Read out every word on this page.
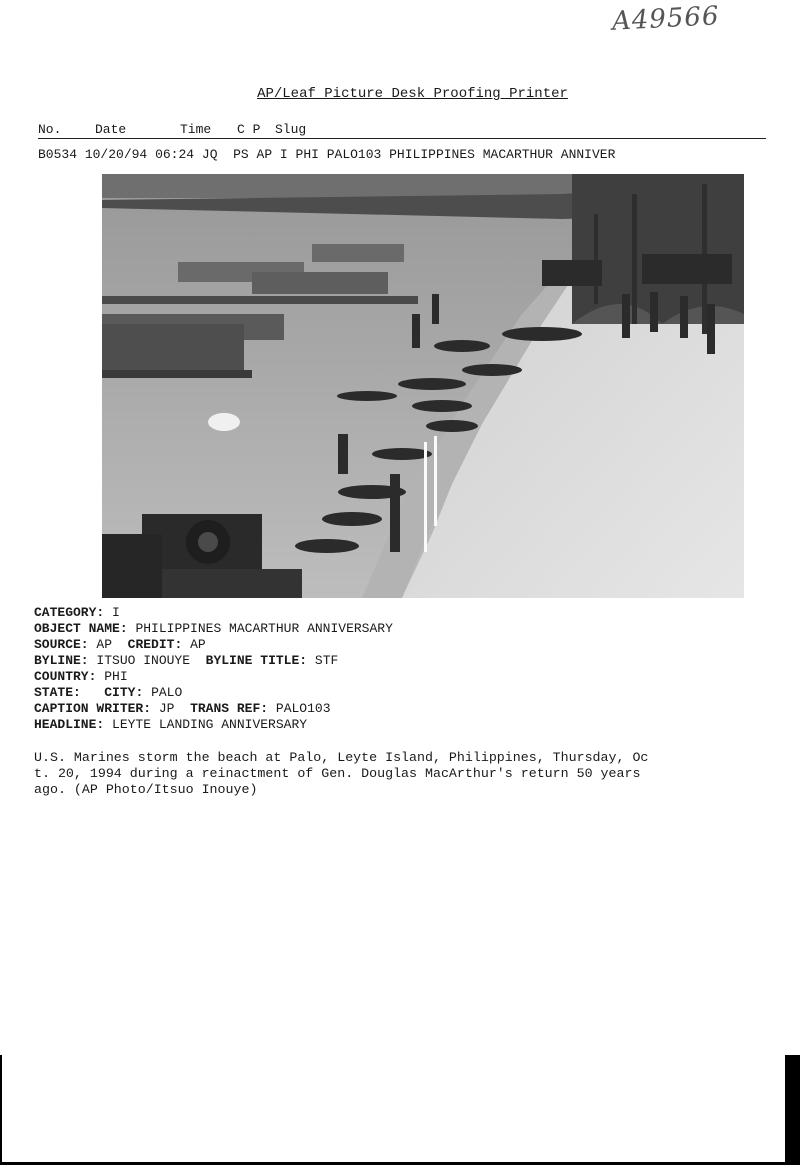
A49566
AP/Leaf Picture Desk Proofing Printer
No.	Date	Time C P Slug
B0534 10/20/94 06:24 JQ PS AP I PHI PALO103 PHILIPPINES MACARTHUR ANNIVER
CATEGORY: I
OBJECT NAME: PHILIPPINES MACARTHUR ANNIVERSARY
SOURCE: AP CREDIT: AP
BYLINE: ITSUO INOUYE BYLINE TITLE: STF
COUNTRY: PHI
STATE: CITY: PALO
CAPTION WRITER: JP TRANS REF: PALO103
HEADLINE: LEYTE LANDING ANNIVERSARY

U.S. Marines storm the beach at Palo, Leyte Island, Philippines, Thursday, Oc

t. 20, 1994 during a reinactment of Gen. Douglas MacArthur's return 50 years

ago. (AP Photo/Itsuo Inouye)
